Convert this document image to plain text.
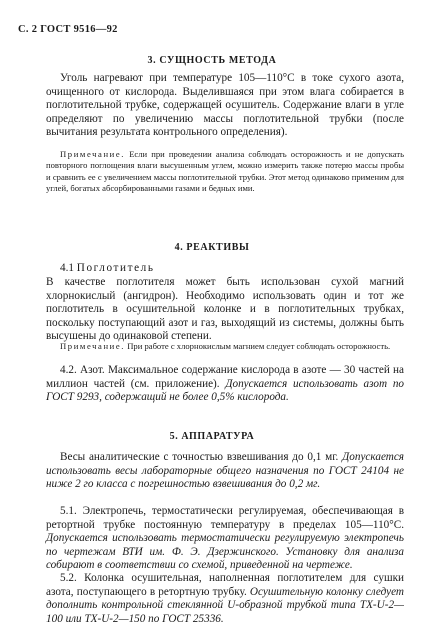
С. 2 ГОСТ 9516—92
3. СУЩНОСТЬ МЕТОДА
Уголь нагревают при температуре 105—110°С в токе сухого азота, очищенного от кислорода. Выделившаяся при этом влага собирается в поглотительной трубке, содержащей осушитель. Содержание влаги в угле определяют по увеличению массы поглотительной трубки (после вычитания результата контрольного определения).
Примечание. Если при проведении анализа соблюдать осторожность и не допускать повторного поглощения влаги высушенным углем, можно измерить также потерю массы пробы и сравнить ее с увеличением массы поглотительной трубки. Этот метод одинаково применим для углей, богатых абсорбированными газами и бедных ими.
4. РЕАКТИВЫ
4.1 Поглотитель
В качестве поглотителя может быть использован сухой магний хлорнокислый (ангидрон). Необходимо использовать один и тот же поглотитель в осушительной колонке и в поглотительных трубках, поскольку поступающий азот и газ, выходящий из системы, должны быть высушены до одинаковой степени.
Примечание. При работе с хлорнокислым магнием следует соблюдать осторожность.
4.2. Азот. Максимальное содержание кислорода в азоте — 30 частей на миллион частей (см. приложение). Допускается использовать азот по ГОСТ 9293, содержащий не более 0,5% кислорода.
5. АППАРАТУРА
Весы аналитические с точностью взвешивания до 0,1 мг. Допускается использовать весы лабораторные общего назначения по ГОСТ 24104 не ниже 2 го класса с погрешностью взвешивания до 0,2 мг.
5.1. Электропечь, термостатически регулируемая, обеспечивающая в ретортной трубке постоянную температуру в пределах 105—110°С. Допускается использовать термостатически регулируемую электропечь по чертежам ВТИ им. Ф. Э. Дзержинского. Установку для анализа собирают в соответствии со схемой, приведенной на чертеже.
5.2. Колонка осушительная, наполненная поглотителем для сушки азота, поступающего в ретортную трубку. Осушительную колонку следует дополнить контрольной стеклянной U-образной трубкой типа ТХ-U-2—100 или ТХ-U-2—150 по ГОСТ 25336.
